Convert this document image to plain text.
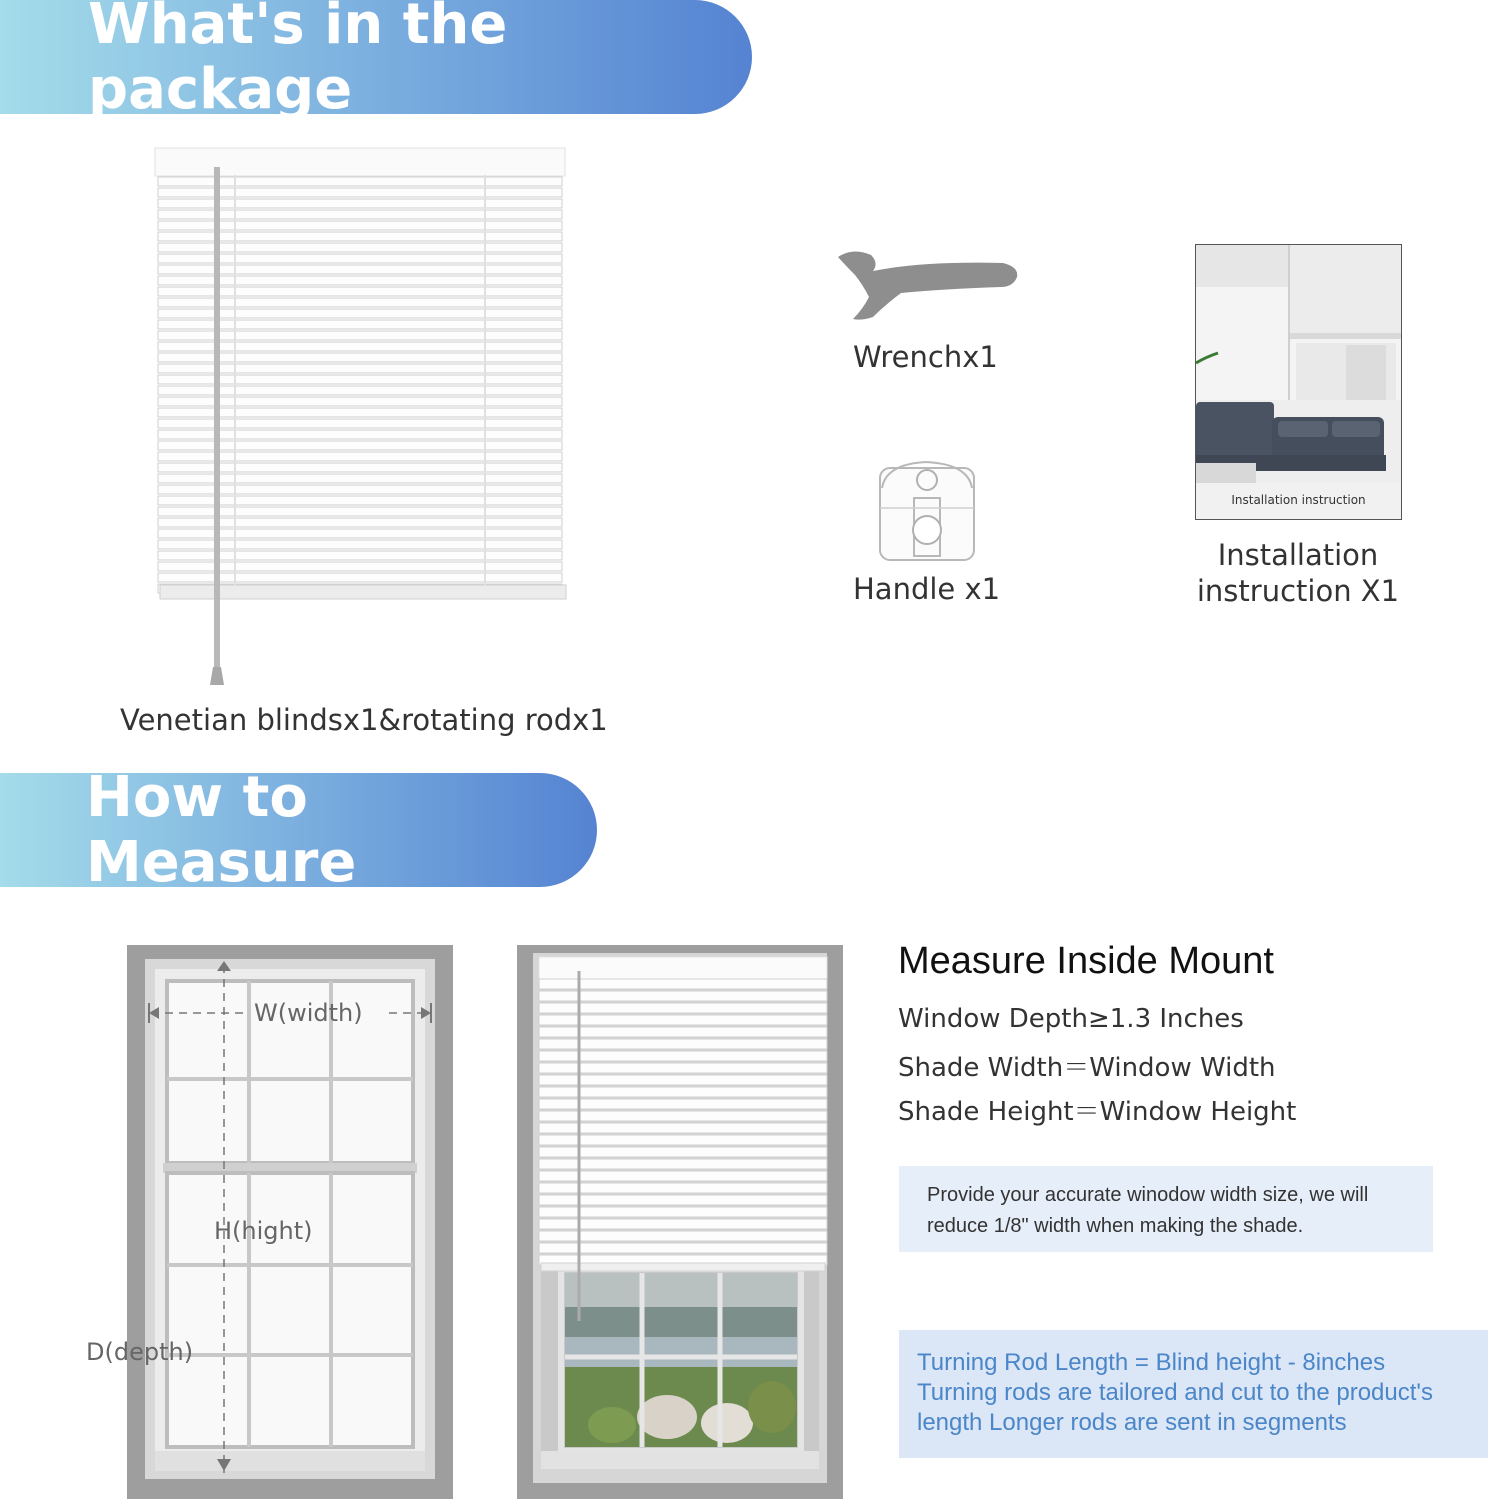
What's in the package
Venetian blindsx1&rotating rodx1
Wrenchx1
Handle x1
Installation instruction
Installation
instruction X1
How to Measure
W(width)
H(hight)
D(depth)
Measure Inside Mount
Window Depth≥1.3 Inches
Shade Width＝Window Width
Shade Height＝Window Height
Provide your accurate winodow width size, we will reduce 1/8" width when making the shade.
Turning Rod Length = Blind height - 8inches
Turning rods are tailored and cut to the product's
length Longer rods are sent in segments
